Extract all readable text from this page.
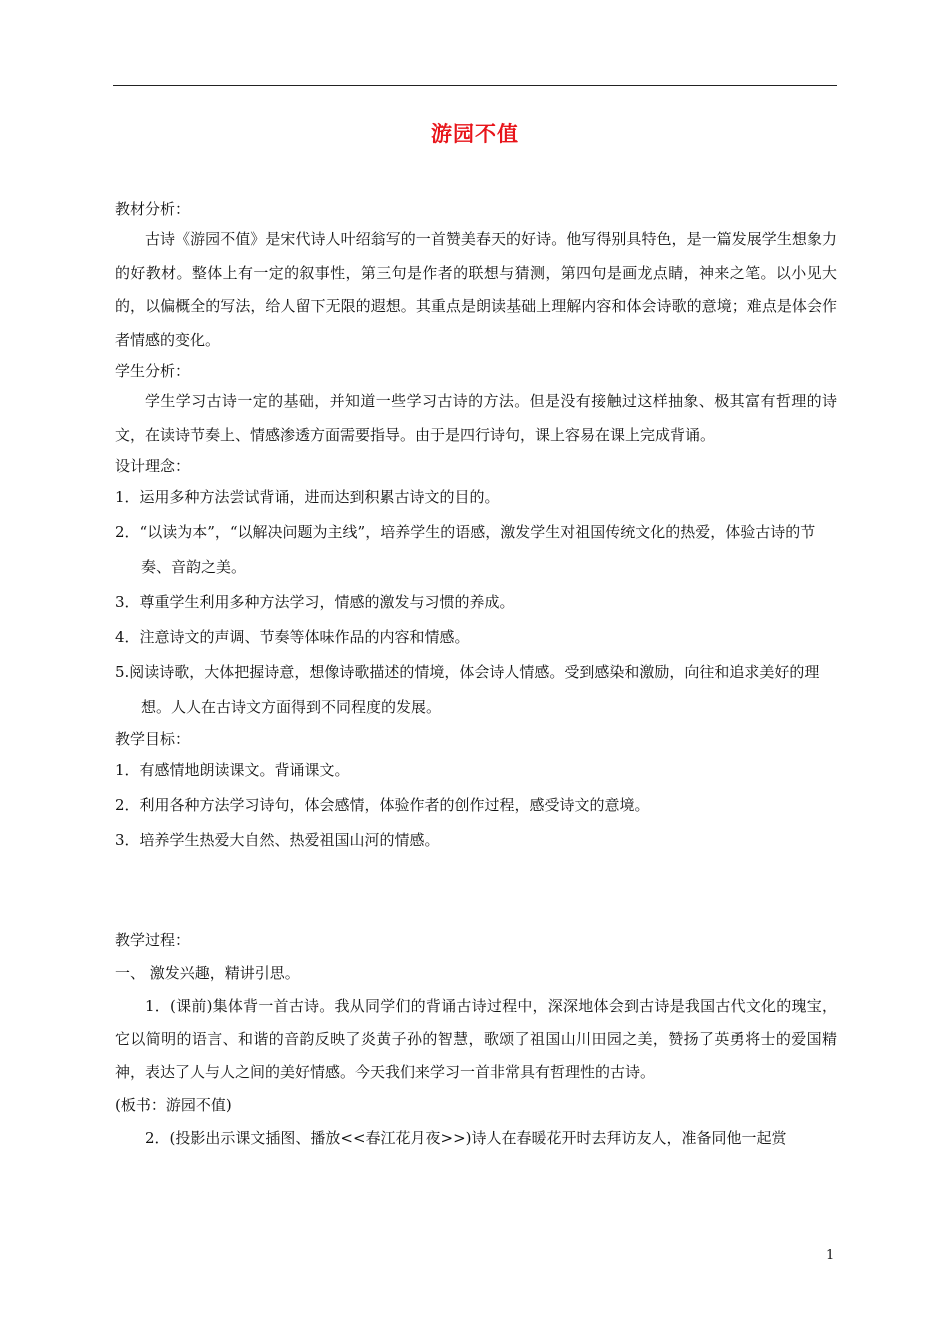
游园不值
教材分析：
古诗《游园不值》是宋代诗人叶绍翁写的一首赞美春天的好诗。他写得别具特色，是一篇发展学生想象力的好教材。整体上有一定的叙事性，第三句是作者的联想与猜测，第四句是画龙点睛，神来之笔。以小见大的，以偏概全的写法，给人留下无限的遐想。其重点是朗读基础上理解内容和体会诗歌的意境；难点是体会作者情感的变化。
学生分析：
学生学习古诗一定的基础，并知道一些学习古诗的方法。但是没有接触过这样抽象、极其富有哲理的诗文，在读诗节奏上、情感渗透方面需要指导。由于是四行诗句，课上容易在课上完成背诵。
设计理念：
1．运用多种方法尝试背诵，进而达到积累古诗文的目的。
2．“以读为本”，“以解决问题为主线”，培养学生的语感，激发学生对祖国传统文化的热爱，体验古诗的节奏、音韵之美。
3．尊重学生利用多种方法学习，情感的激发与习惯的养成。
4．注意诗文的声调、节奏等体味作品的内容和情感。
5.阅读诗歌，大体把握诗意，想像诗歌描述的情境，体会诗人情感。受到感染和激励，向往和追求美好的理想。人人在古诗文方面得到不同程度的发展。
教学目标：
1．有感情地朗读课文。背诵课文。
2．利用各种方法学习诗句，体会感情，体验作者的创作过程，感受诗文的意境。
3．培养学生热爱大自然、热爱祖国山河的情感。
教学过程：
一、 激发兴趣，精讲引思。
1．(课前)集体背一首古诗。我从同学们的背诵古诗过程中，深深地体会到古诗是我国古代文化的瑰宝，它以简明的语言、和谐的音韵反映了炎黄子孙的智慧，歌颂了祖国山川田园之美，赞扬了英勇将士的爱国精神，表达了人与人之间的美好情感。今天我们来学习一首非常具有哲理性的古诗。
(板书：游园不值)
2．(投影出示课文插图、播放<<春江花月夜>>)诗人在春暖花开时去拜访友人，准备同他一起赏
1
